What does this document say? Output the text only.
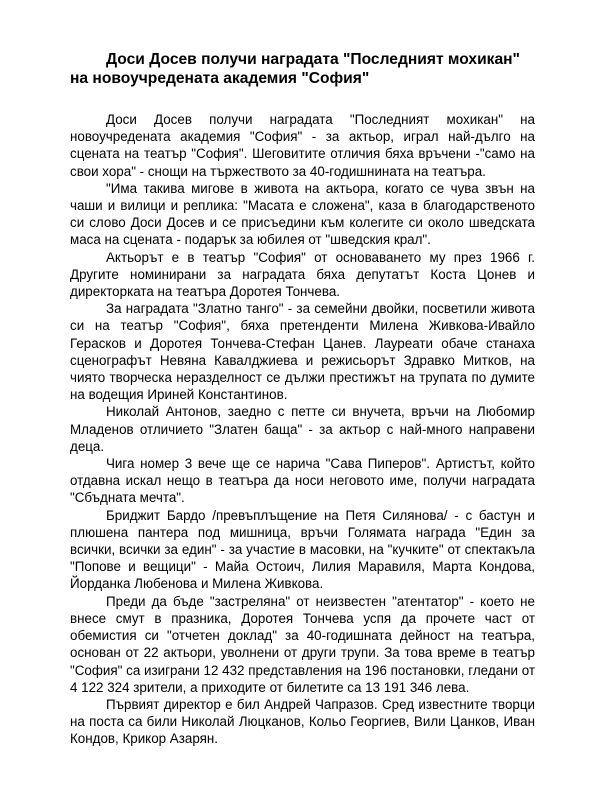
Доси Досев получи наградата "Последният мохикан" на новоучредената академия "София"

Доси Досев получи наградата "Последният мохикан" на новоучредената академия "София" - за актьор, играл най-дълго на сцената на театър "София". Шеговитите отличия бяха връчени -"само на свои хора" - снощи на тържеството за 40-годишнината на театъра.

"Има такива мигове в живота на актьора, когато се чува звън на чаши и вилици и реплика: "Масата е сложена", каза в благодарственото си слово Доси Досев и се присъедини към колегите си около шведската маса на сцената - подарък за юбилея от "шведския крал".

Актьорът е в театър "София" от основаването му през 1966 г. Другите номинирани за наградата бяха депутатът Коста Цонев и директорката на театъра Доротея Тончева.

За наградата "Златно танго" - за семейни двойки, посветили живота си на театър "София", бяха претенденти Милена Живкова-Ивайло Герасков и Доротея Тончева-Стефан Цанев. Лауреати обаче станаха сценографът Невяна Кавалджиева и режисьорът Здравко Митков, на чиято творческа неразделност се дължи престижът на трупата по думите на водещия Ириней Константинов.

Николай Антонов, заедно с петте си внучета, връчи на Любомир Младенов отличието "Златен баща" - за актьор с най-много направени деца.

Чига номер 3 вече ще се нарича "Сава Пиперов". Артистът, който отдавна искал нещо в театъра да носи неговото име, получи наградата "Сбъднатa мечта".

Бриджит Бардо /превъплъщение на Петя Силянова/ - с бастун и плюшена пантера под мишница, връчи Голямата награда "Един за всички, всички за един" - за участие в масовки, на "кучките" от спектакъла "Попове и вещици" - Майа Остоич, Лилия Маравиля, Марта Кондова, Йорданка Любенова и Милена Живкова.

Преди да бъде "застреляна" от неизвестен "атентатор" - което не внесе смут в празника, Доротея Тончева успя да прочете част от обемистия си "отчетен доклад" за 40-годишната дейност на театъра, основан от 22 актьори, уволнени от други трупи. За това време в театър "София" са изиграни 12 432 представления на 196 постановки, гледани от 4 122 324 зрители, а приходите от билетите са 13 191 346 лева.

Първият директор е бил Андрей Чапразов. Сред известните творци на поста са били Николай Люцканов, Кольо Георгиев, Вили Цанков, Иван Кондов, Крикор Азарян.
